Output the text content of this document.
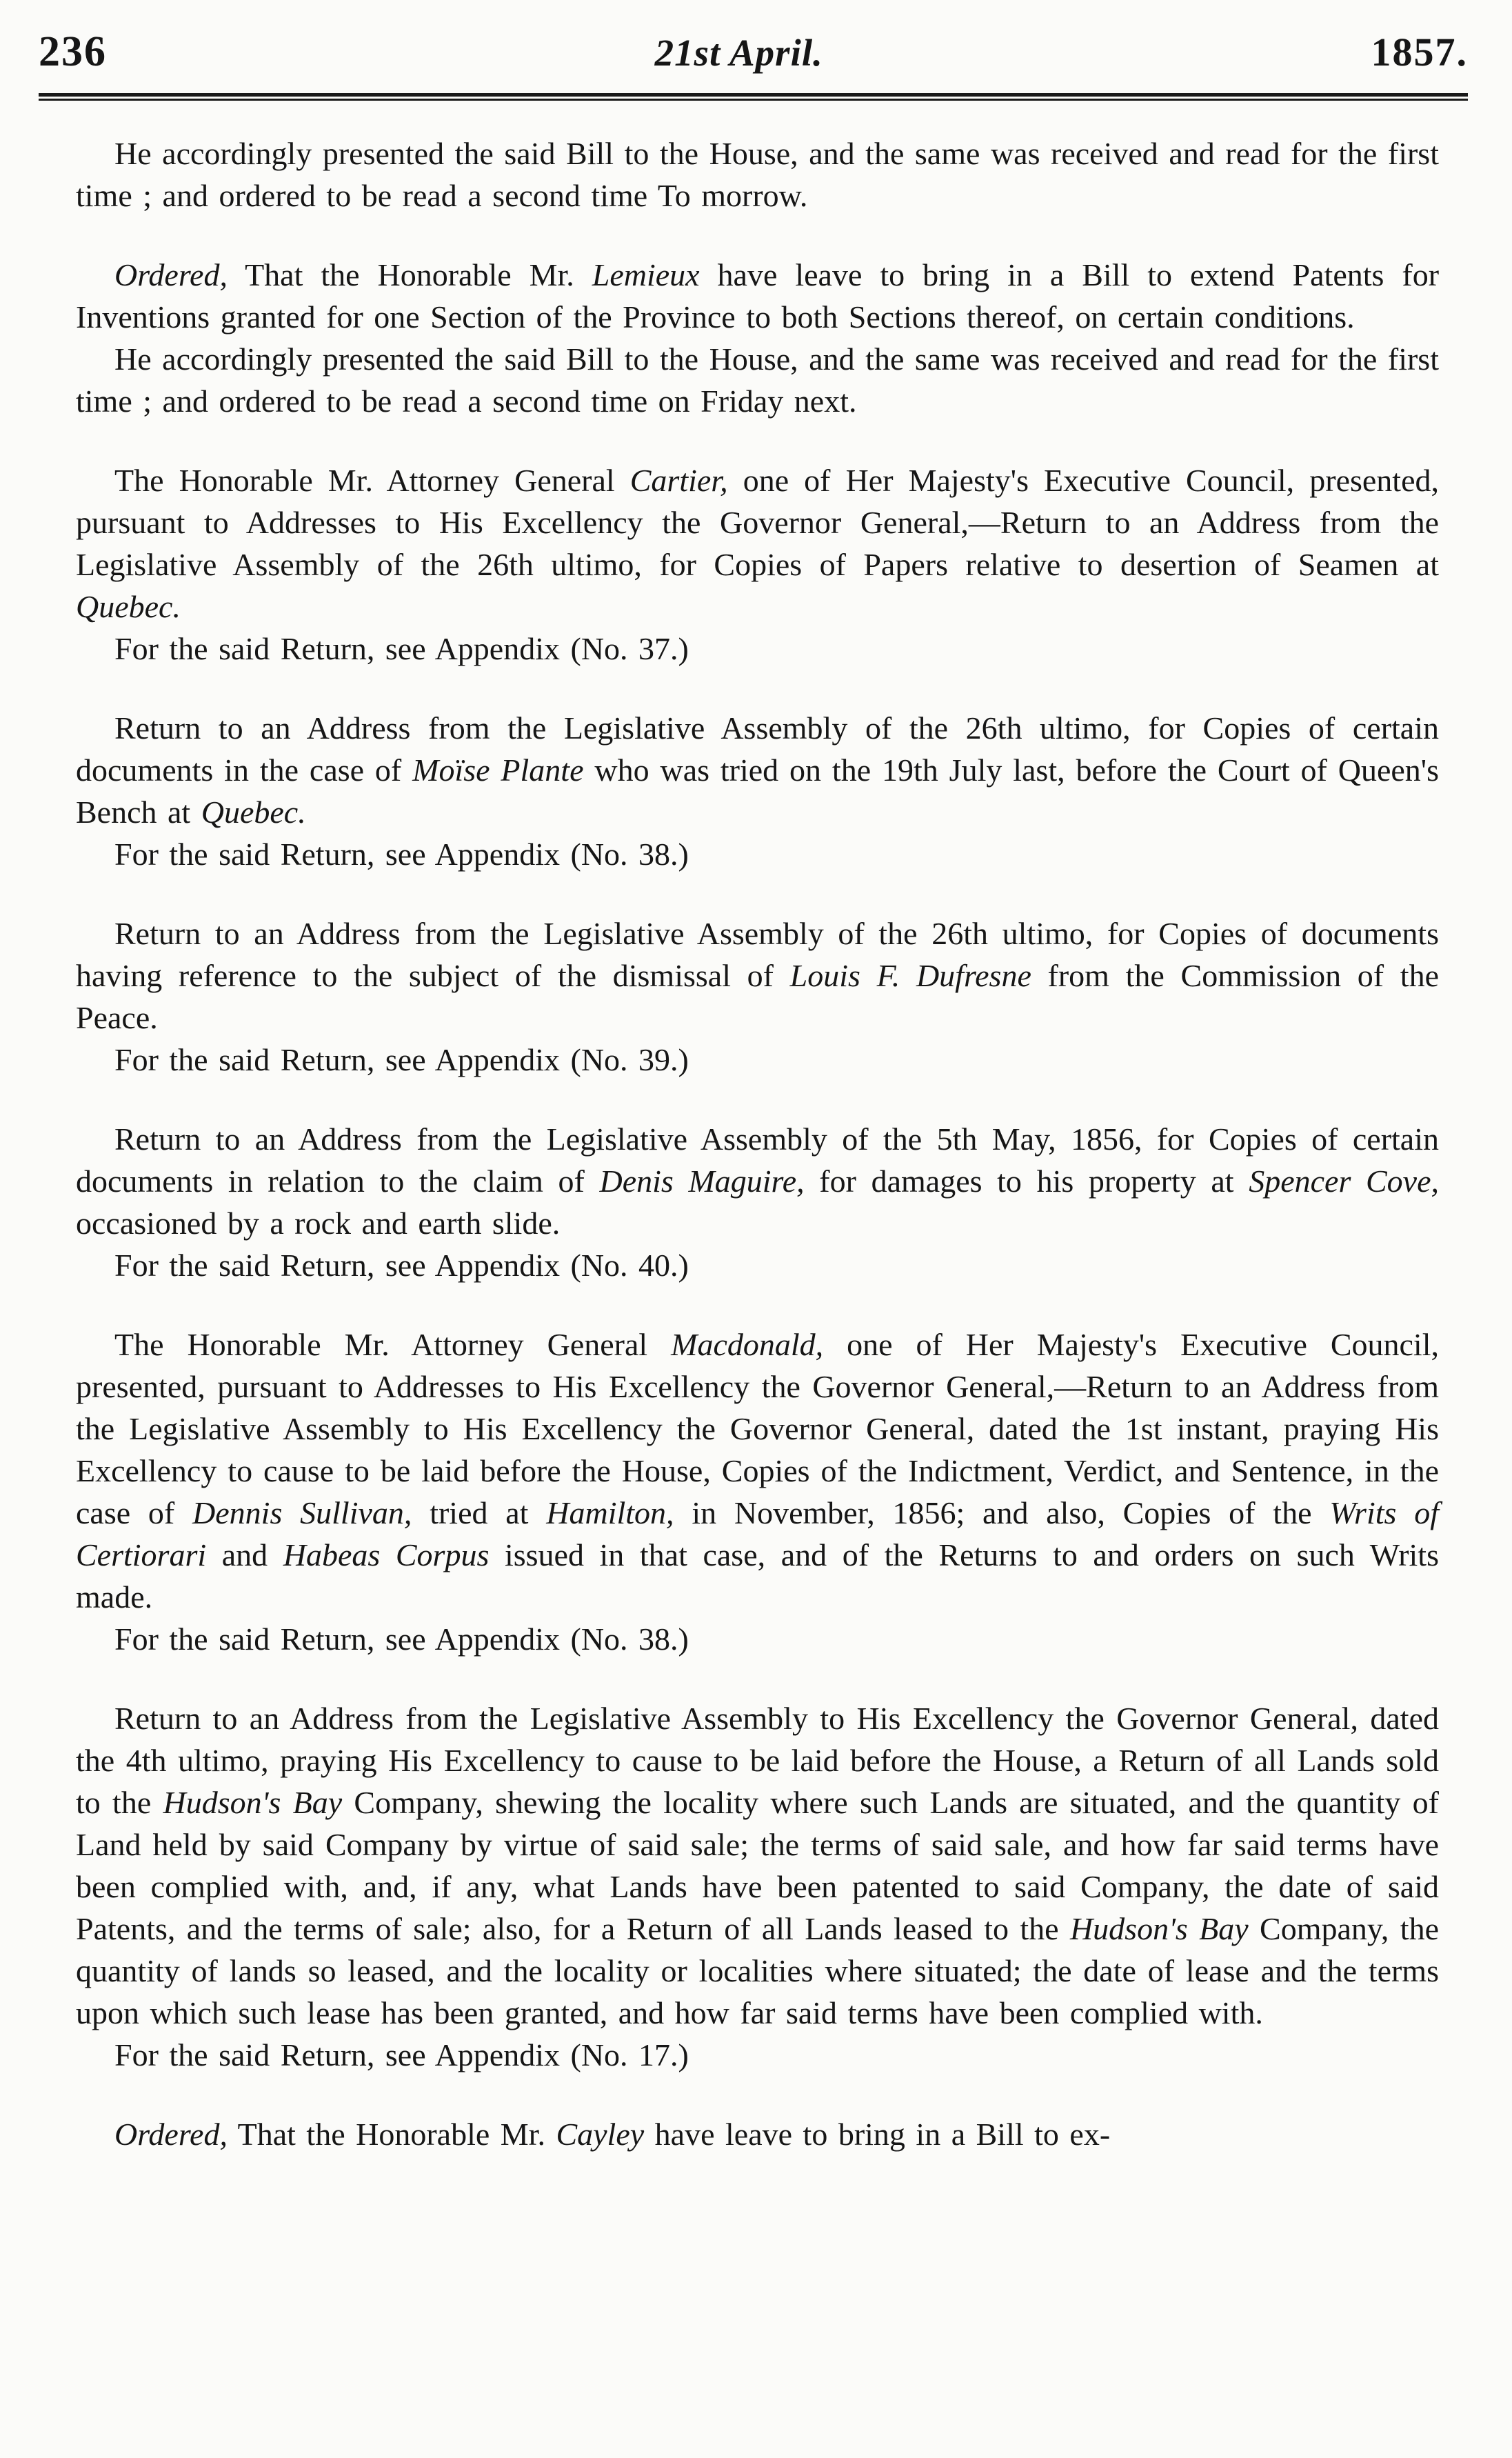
236	21st April.	1857.

He accordingly presented the said Bill to the House, and the same was received and read for the first time ; and ordered to be read a second time To morrow.

Ordered, That the Honorable Mr. Lemieux have leave to bring in a Bill to extend Patents for Inventions granted for one Section of the Province to both Sections thereof, on certain conditions.

He accordingly presented the said Bill to the House, and the same was received and read for the first time ; and ordered to be read a second time on Friday next.

The Honorable Mr. Attorney General Cartier, one of Her Majesty's Executive Council, presented, pursuant to Addresses to His Excellency the Governor General,—Return to an Address from the Legislative Assembly of the 26th ultimo, for Copies of Papers relative to desertion of Seamen at Quebec.

For the said Return, see Appendix (No. 37.)

Return to an Address from the Legislative Assembly of the 26th ultimo, for Copies of certain documents in the case of Moïse Plante who was tried on the 19th July last, before the Court of Queen's Bench at Quebec.

For the said Return, see Appendix (No. 38.)

Return to an Address from the Legislative Assembly of the 26th ultimo, for Copies of documents having reference to the subject of the dismissal of Louis F. Dufresne from the Commission of the Peace.

For the said Return, see Appendix (No. 39.)

Return to an Address from the Legislative Assembly of the 5th May, 1856, for Copies of certain documents in relation to the claim of Denis Maguire, for damages to his property at Spencer Cove, occasioned by a rock and earth slide.

For the said Return, see Appendix (No. 40.)

The Honorable Mr. Attorney General Macdonald, one of Her Majesty's Executive Council, presented, pursuant to Addresses to His Excellency the Governor General,—Return to an Address from the Legislative Assembly to His Excellency the Governor General, dated the 1st instant, praying His Excellency to cause to be laid before the House, Copies of the Indictment, Verdict, and Sentence, in the case of Dennis Sullivan, tried at Hamilton, in November, 1856; and also, Copies of the Writs of Certiorari and Habeas Corpus issued in that case, and of the Returns to and orders on such Writs made.

For the said Return, see Appendix (No. 38.)

Return to an Address from the Legislative Assembly to His Excellency the Governor General, dated the 4th ultimo, praying His Excellency to cause to be laid before the House, a Return of all Lands sold to the Hudson's Bay Company, shewing the locality where such Lands are situated, and the quantity of Land held by said Company by virtue of said sale; the terms of said sale, and how far said terms have been complied with, and, if any, what Lands have been patented to said Company, the date of said Patents, and the terms of sale; also, for a Return of all Lands leased to the Hudson's Bay Company, the quantity of lands so leased, and the locality or localities where situated; the date of lease and the terms upon which such lease has been granted, and how far said terms have been complied with.

For the said Return, see Appendix (No. 17.)

Ordered, That the Honorable Mr. Cayley have leave to bring in a Bill to ex-
